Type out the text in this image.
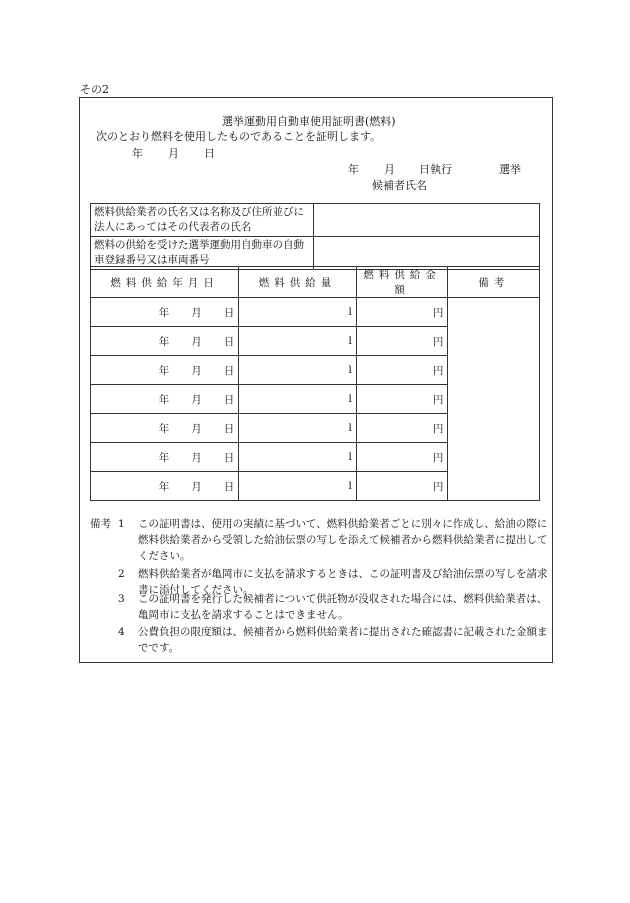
その2
選挙運動用自動車使用証明書(燃料)
次のとおり燃料を使用したものであることを証明します。
年 月 日
年 月 日執行	選挙
候補者氏名
燃料供給業者の氏名又は名称及び住所並びに法人にあってはその代表者の氏名	
燃料の供給を受けた選挙運動用自動車の自動車登録番号又は車両番号	
燃料供給年月日	燃料供給量	燃料供給金額	備考
年 月 日	l	円	
年 月 日	l	円	
年 月 日	l	円	
年 月 日	l	円	
年 月 日	l	円	
年 月 日	l	円	
年 月 日	l	円	
備考 1	この証明書は、使用の実績に基づいて、燃料供給業者ごとに別々に作成し、給油の際に燃料供給業者から受領した給油伝票の写しを添えて候補者から燃料供給業者に提出してください。
2	燃料供給業者が亀岡市に支払を請求するときは、この証明書及び給油伝票の写しを請求書に添付してください。
3	この証明書を発行した候補者について供託物が没収された場合には、燃料供給業者は、亀岡市に支払を請求することはできません。
4	公費負担の限度額は、候補者から燃料供給業者に提出された確認書に記載された金額までです。
